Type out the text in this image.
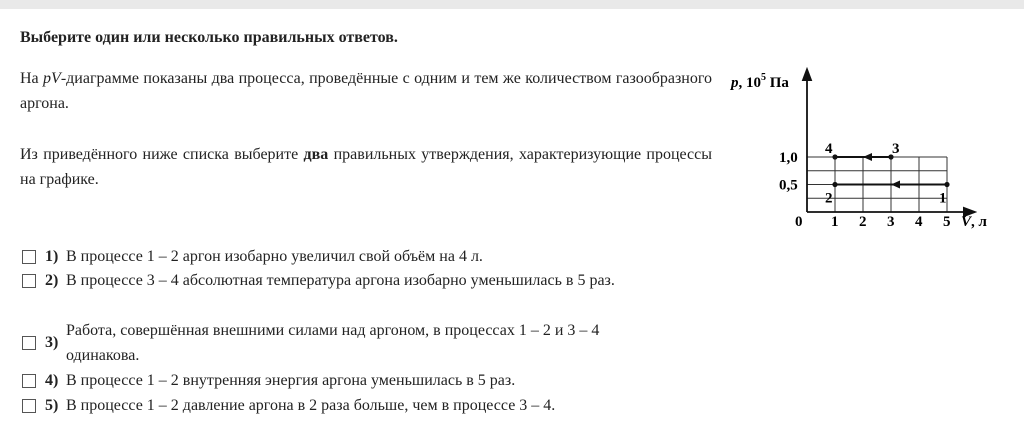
Выберите один или несколько правильных ответов.
На pV-диаграмме показаны два процесса, проведённые с одним и тем же количеством газообразного аргона.
Из приведённого ниже списка выберите два правильных утверждения, характеризующие процессы на графике.
1 2 3 4 5
0,5
1,0
1
2
3
4
p, $10^5$ Па
V, л
0
1) В процессе 1 – 2 аргон изобарно увеличил свой объём на 4 л.
2) В процессе 3 – 4 абсолютная температура аргона изобарно уменьшилась в 5 раз.
3)
Работа, совершённая внешними силами над аргоном, в процессах 1 – 2 и 3 – 4 одинакова.
4) В процессе 1 – 2 внутренняя энергия аргона уменьшилась в 5 раз.
5) В процессе 1 – 2 давление аргона в 2 раза больше, чем в процессе 3 – 4.
